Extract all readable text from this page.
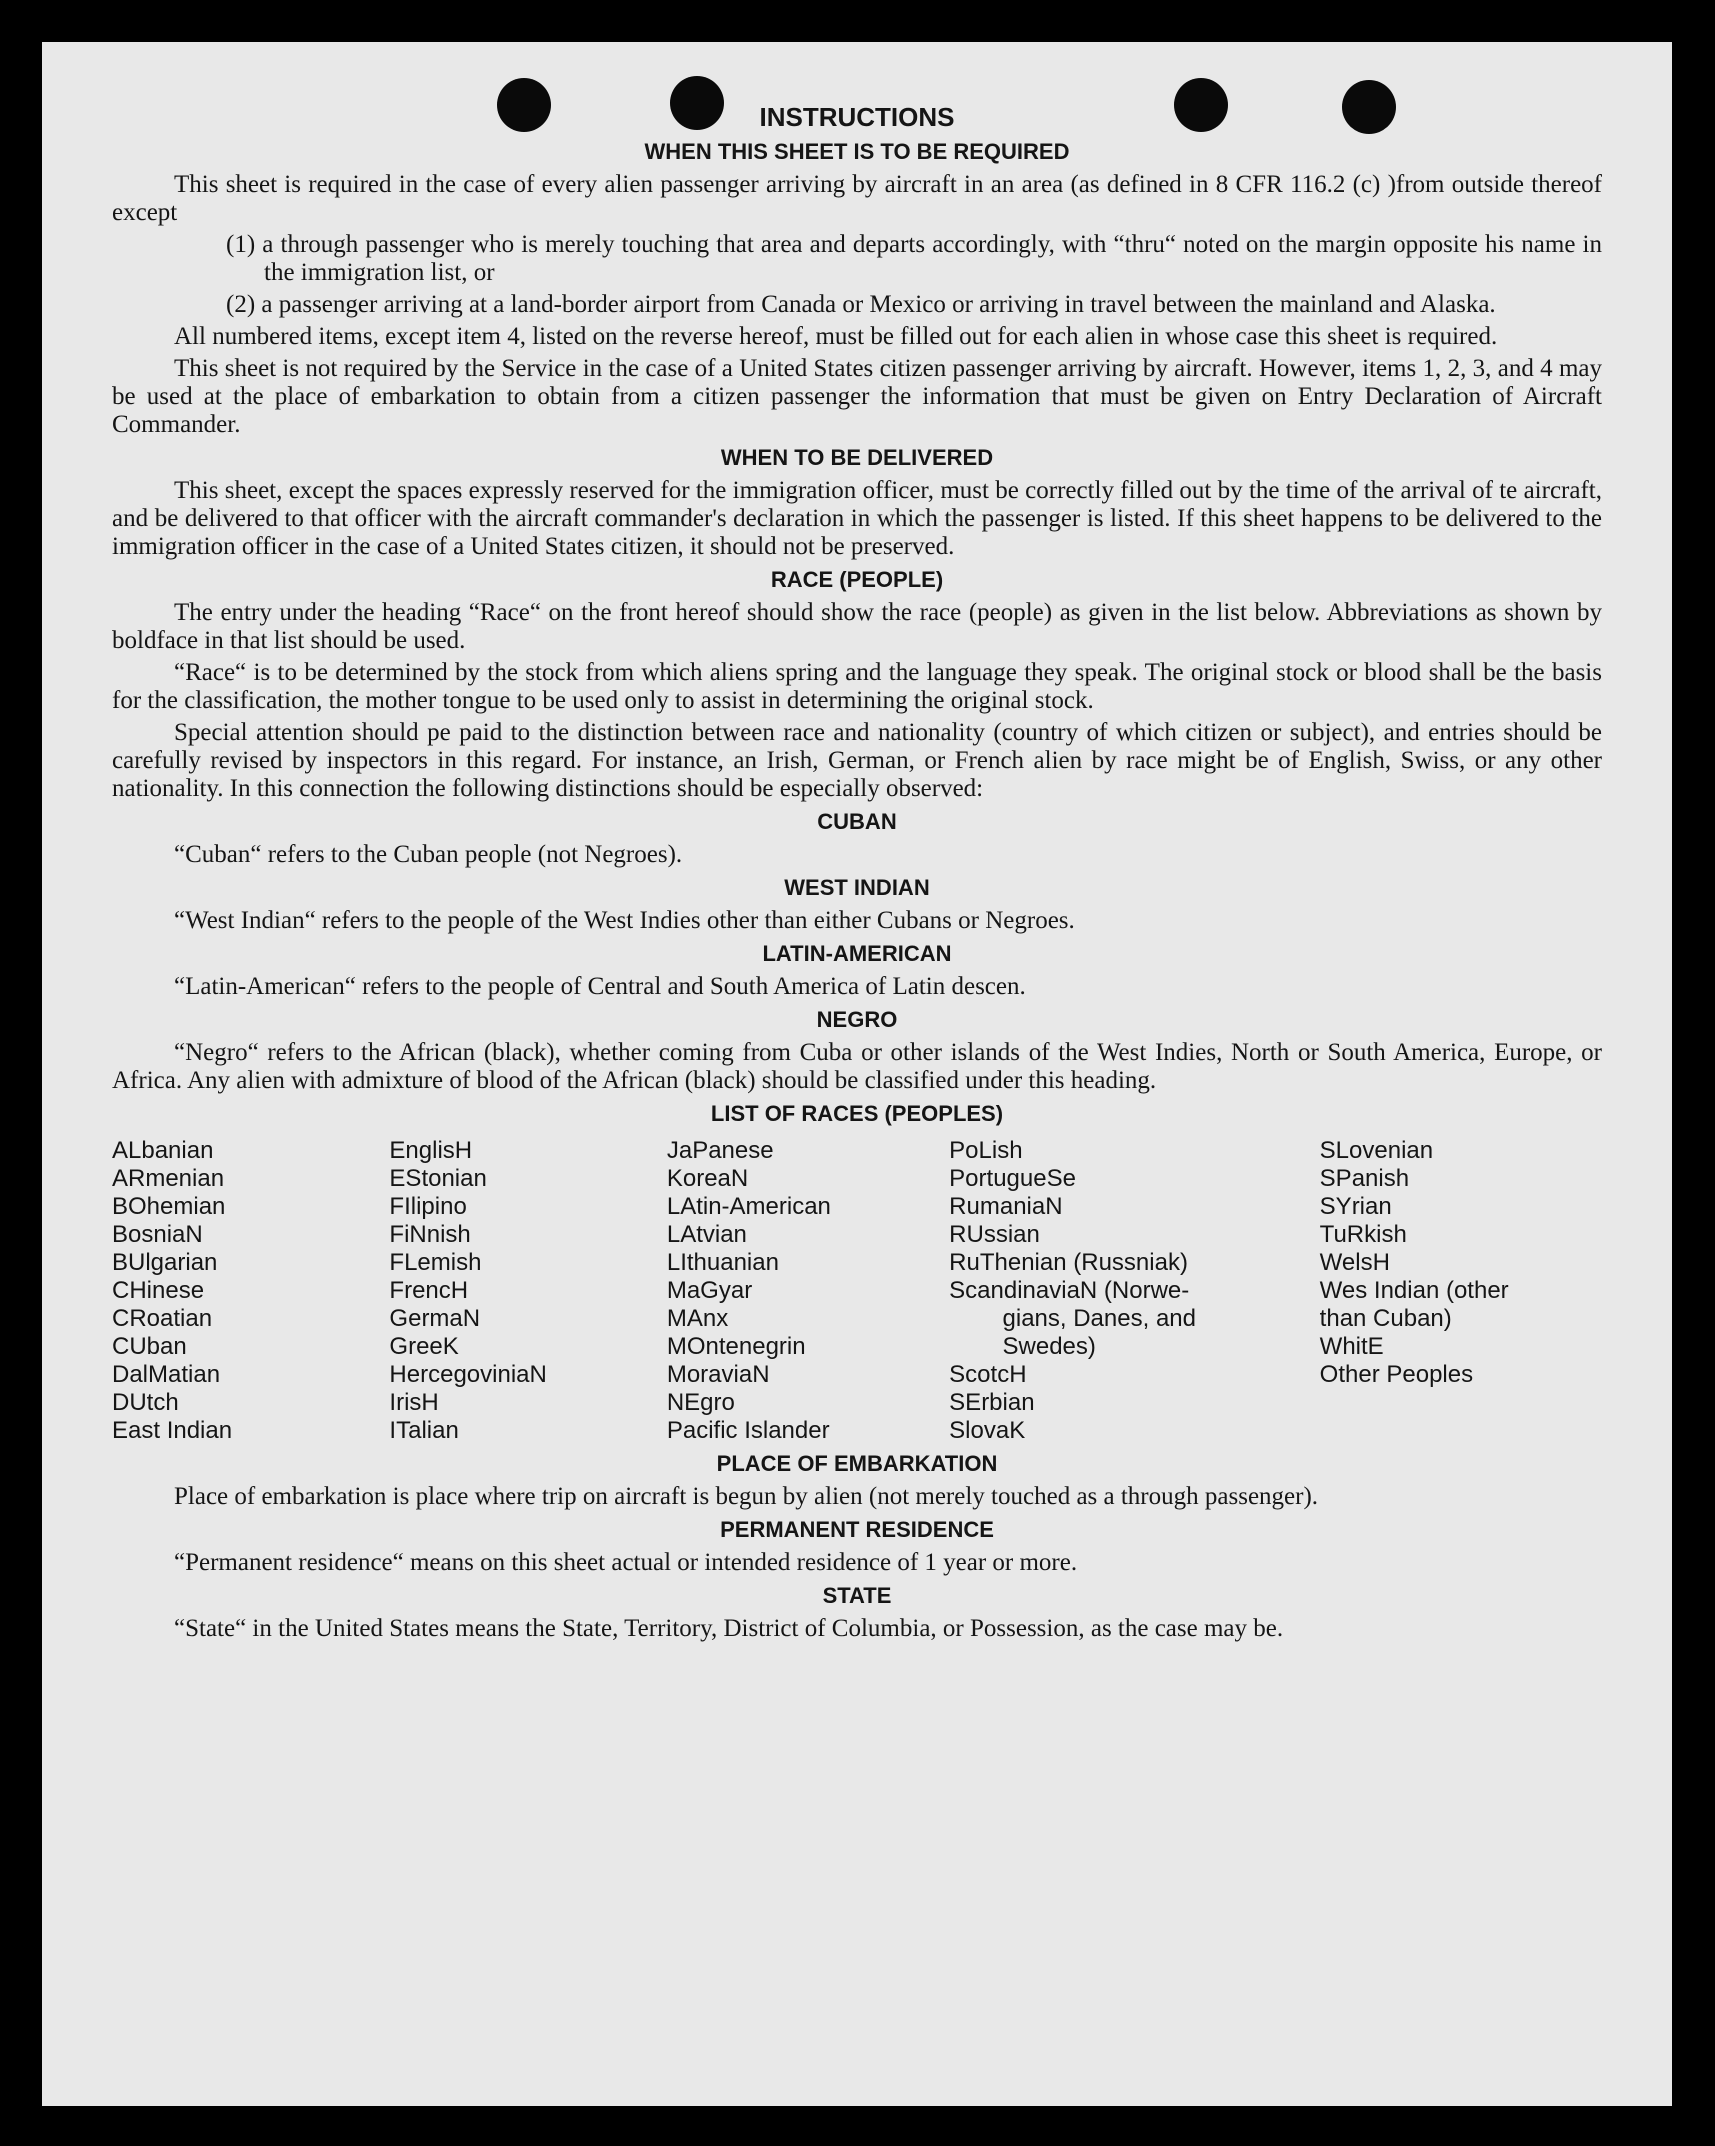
INSTRUCTIONS
WHEN THIS SHEET IS TO BE REQUIRED

This sheet is required in the case of every alien passenger arriving by aircraft in an area (as defined in 8 CFR 116.2 (c) )from outside thereof except

(1) a through passenger who is merely touching that area and departs accordingly, with “thru“ noted on the margin opposite his name in the immigration list, or
(2) a passenger arriving at a land-border airport from Canada or Mexico or arriving in travel between the mainland and Alaska.

All numbered items, except item 4, listed on the reverse hereof, must be filled out for each alien in whose case this sheet is required.

This sheet is not required by the Service in the case of a United States citizen passenger arriving by aircraft. However, items 1, 2, 3, and 4 may be used at the place of embarkation to obtain from a citizen passenger the information that must be given on Entry Declaration of Aircraft Commander.

WHEN TO BE DELIVERED

This sheet, except the spaces expressly reserved for the immigration officer, must be correctly filled out by the time of the arrival of te aircraft, and be delivered to that officer with the aircraft commander's declaration in which the passenger is listed. If this sheet happens to be delivered to the immigration officer in the case of a United States citizen, it should not be preserved.

RACE (PEOPLE)

The entry under the heading “Race“ on the front hereof should show the race (people) as given in the list below. Abbreviations as shown by boldface in that list should be used.

“Race“ is to be determined by the stock from which aliens spring and the language they speak. The original stock or blood shall be the basis for the classification, the mother tongue to be used only to assist in determining the original stock.

Special attention should pe paid to the distinction between race and nationality (country of which citizen or subject), and entries should be carefully revised by inspectors in this regard. For instance, an Irish, German, or French alien by race might be of English, Swiss, or any other nationality. In this connection the following distinctions should be especially observed:

CUBAN

“Cuban“ refers to the Cuban people (not Negroes).

WEST INDIAN

“West Indian“ refers to the people of the West Indies other than either Cubans or Negroes.

LATIN-AMERICAN

“Latin-American“ refers to the people of Central and South America of Latin descen.

NEGRO

“Negro“ refers to the African (black), whether coming from Cuba or other islands of the West Indies, North or South America, Europe, or Africa. Any alien with admixture of blood of the African (black) should be classified under this heading.

LIST OF RACES (PEOPLES)
ALbanian
ARmenian
BOhemian
BosniaN
BUlgarian
CHinese
CRoatian
CUban
DalMatian
DUtch
East Indian
EnglisH
EStonian
FIlipino
FiNnish
FLemish
FrencH
GermaN
GreeK
HercegoviniaN
IrisH
ITalian
JaPanese
KoreaN
LAtin-American
LAtvian
LIthuanian
MaGyar
MAnx
MOntenegrin
MoraviaN
NEgro
Pacific Islander
PoLish
PortugueSe
RumaniaN
RUssian
RuThenian (Russniak)
ScandinaviaN (Norwe-
gians, Danes, and
Swedes)
ScotcH
SErbian
SlovaK
SLovenian
SPanish
SYrian
TuRkish
WelsH
Wes Indian (other
than Cuban)
WhitE
Other Peoples
PLACE OF EMBARKATION

Place of embarkation is place where trip on aircraft is begun by alien (not merely touched as a through passenger).

PERMANENT RESIDENCE

“Permanent residence“ means on this sheet actual or intended residence of 1 year or more.

STATE

“State“ in the United States means the State, Territory, District of Columbia, or Possession, as the case may be.
